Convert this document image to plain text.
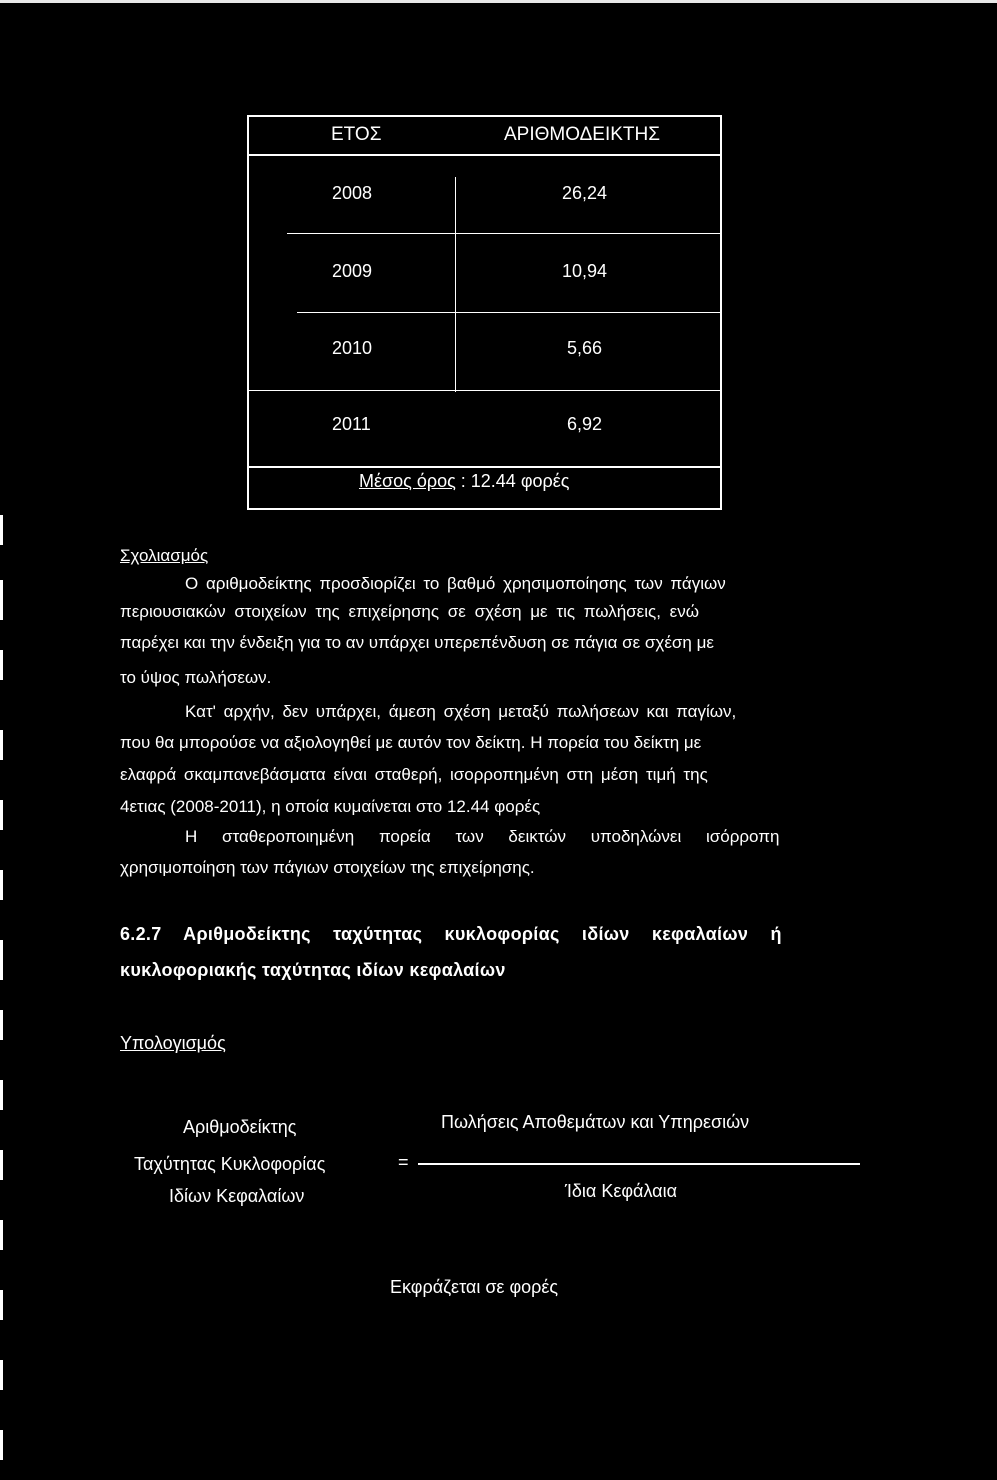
ΕΤΟΣ	ΑΡΙΘΜΟΔΕΙΚΤΗΣ
2008	26,24
2009	10,94
2010	5,66
2011	6,92
Μέσος όρος : 12.44 φορές
Σχολιασμός
Ο αριθμοδείκτης προσδιορίζει το βαθμό χρησιμοποίησης των πάγιων
περιουσιακών στοιχείων της επιχείρησης σε σχέση με τις πωλήσεις, ενώ
παρέχει και την ένδειξη για το αν υπάρχει υπερεπένδυση σε πάγια σε σχέση με
το ύψος πωλήσεων.
Κατ' αρχήν, δεν υπάρχει, άμεση σχέση μεταξύ πωλήσεων και παγίων,
που θα μπορούσε να αξιολογηθεί με αυτόν τον δείκτη. Η πορεία του δείκτη με
ελαφρά σκαμπανεβάσματα είναι σταθερή, ισορροπημένη στη μέση τιμή της
4ετιας (2008-2011), η οποία κυμαίνεται στο 12.44 φορές
Η σταθεροποιημένη πορεία των δεικτών υποδηλώνει ισόρροπη
χρησιμοποίηση των πάγιων στοιχείων της επιχείρησης.
6.2.7 Αριθμοδείκτης ταχύτητας κυκλοφορίας ιδίων κεφαλαίων ή
κυκλοφοριακής ταχύτητας ιδίων κεφαλαίων
Υπολογισμός
Αριθμοδείκτης
Ταχύτητας Κυκλοφορίας
Ιδίων Κεφαλαίων
=
Πωλήσεις Αποθεμάτων και Υπηρεσιών
Ίδια Κεφάλαια
Εκφράζεται σε φορές
